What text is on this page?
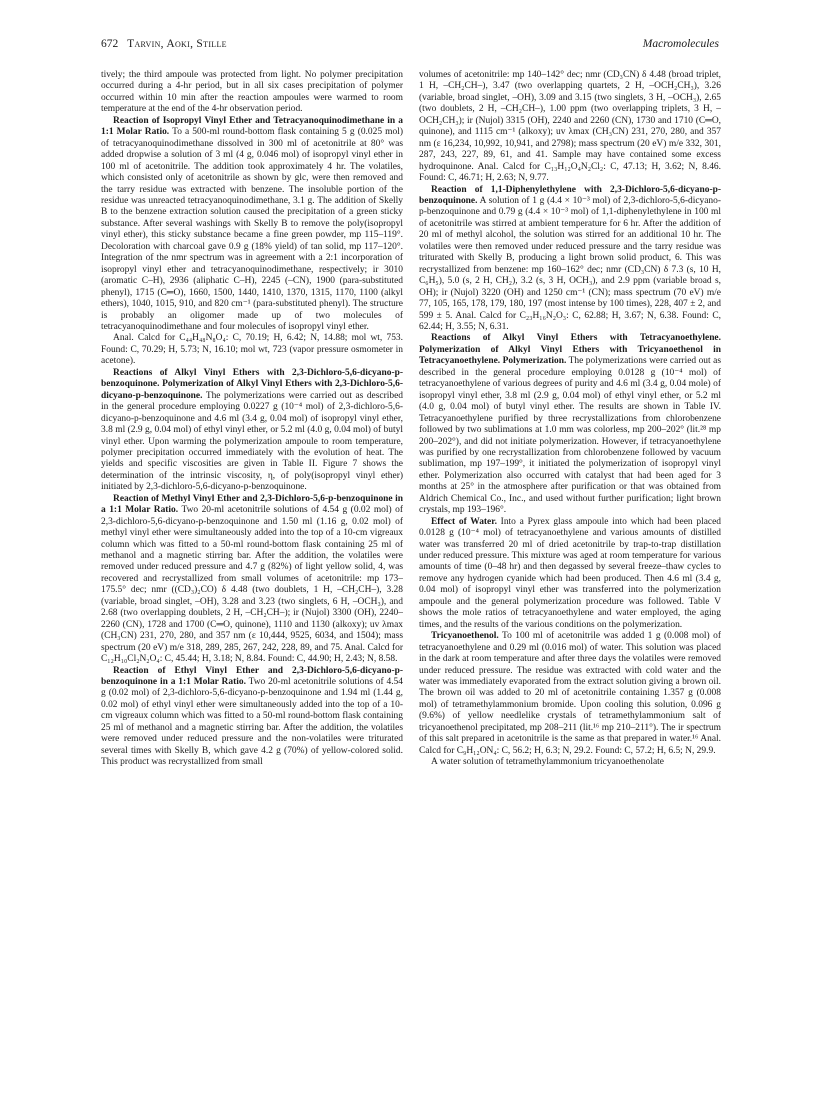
672 Tarvin, Aoki, Stille	Macromolecules

tively; the third ampoule was protected from light. No polymer precipitation occurred during a 4-hr period, but in all six cases precipitation of polymer occurred within 10 min after the reaction ampoules were warmed to room temperature at the end of the 4-hr observation period.

Reaction of Isopropyl Vinyl Ether and Tetracyanoquinodimethane in a 1:1 Molar Ratio. To a 500-ml round-bottom flask containing 5 g (0.025 mol) of tetracyanoquinodimethane dissolved in 300 ml of acetonitrile at 80° was added dropwise a solution of 3 ml (4 g, 0.046 mol) of isopropyl vinyl ether in 100 ml of acetonitrile. The addition took approximately 4 hr. The volatiles, which consisted only of acetonitrile as shown by glc, were then removed and the tarry residue was extracted with benzene. The insoluble portion of the residue was unreacted tetracyanoquinodimethane, 3.1 g. The addition of Skelly B to the benzene extraction solution caused the precipitation of a green sticky substance. After several washings with Skelly B to remove the poly(isopropyl vinyl ether), this sticky substance became a fine green powder, mp 115–119°. Decoloration with charcoal gave 0.9 g (18% yield) of tan solid, mp 117–120°. Integration of the nmr spectrum was in agreement with a 2:1 incorporation of isopropyl vinyl ether and tetracyanoquinodimethane, respectively; ir 3010 (aromatic C–H), 2936 (aliphatic C–H), 2245 (–CN), 1900 (para-substituted phenyl), 1715 (C═O), 1660, 1500, 1440, 1410, 1370, 1315, 1170, 1100 (alkyl ethers), 1040, 1015, 910, and 820 cm⁻¹ (para-substituted phenyl). The structure is probably an oligomer made up of two molecules of tetracyanoquinodimethane and four molecules of isopropyl vinyl ether.

Anal. Calcd for C₄₄H₄₈N₈O₄: C, 70.19; H, 6.42; N, 14.88; mol wt, 753. Found: C, 70.29; H, 5.73; N, 16.10; mol wt, 723 (vapor pressure osmometer in acetone).

Reactions of Alkyl Vinyl Ethers with 2,3-Dichloro-5,6-dicyano-p-benzoquinone. Polymerization of Alkyl Vinyl Ethers with 2,3-Dichloro-5,6-dicyano-p-benzoquinone. The polymerizations were carried out as described in the general procedure employing 0.0227 g (10⁻⁴ mol) of 2,3-dichloro-5,6-dicyano-p-benzoquinone and 4.6 ml (3.4 g, 0.04 mol) of isopropyl vinyl ether, 3.8 ml (2.9 g, 0.04 mol) of ethyl vinyl ether, or 5.2 ml (4.0 g, 0.04 mol) of butyl vinyl ether. Upon warming the polymerization ampoule to room temperature, polymer precipitation occurred immediately with the evolution of heat. The yields and specific viscosities are given in Table II. Figure 7 shows the determination of the intrinsic viscosity, η, of poly(isopropyl vinyl ether) initiated by 2,3-dichloro-5,6-dicyano-p-benzoquinone.

Reaction of Methyl Vinyl Ether and 2,3-Dichloro-5,6-p-benzoquinone in a 1:1 Molar Ratio. Two 20-ml acetonitrile solutions of 4.54 g (0.02 mol) of 2,3-dichloro-5,6-dicyano-p-benzoquinone and 1.50 ml (1.16 g, 0.02 mol) of methyl vinyl ether were simultaneously added into the top of a 10-cm vigreaux column which was fitted to a 50-ml round-bottom flask containing 25 ml of methanol and a magnetic stirring bar. After the addition, the volatiles were removed under reduced pressure and 4.7 g (82%) of light yellow solid, 4, was recovered and recrystallized from small volumes of acetonitrile: mp 173–175.5° dec; nmr ((CD₃)₂CO) δ 4.48 (two doublets, 1 H, –CH₂CH–), 3.28 (variable, broad singlet, –OH), 3.28 and 3.23 (two singlets, 6 H, –OCH₃), and 2.68 (two overlapping doublets, 2 H, –CH₂CH–); ir (Nujol) 3300 (OH), 2240–2260 (CN), 1728 and 1700 (C═O, quinone), 1110 and 1130 (alkoxy); uv λmax (CH₃CN) 231, 270, 280, and 357 nm (ε 10,444, 9525, 6034, and 1504); mass spectrum (20 eV) m/e 318, 289, 285, 267, 242, 228, 89, and 75. Anal. Calcd for C₁₂H₁₀Cl₂N₂O₄: C, 45.44; H, 3.18; N, 8.84. Found: C, 44.90; H, 2.43; N, 8.58.

Reaction of Ethyl Vinyl Ether and 2,3-Dichloro-5,6-dicyano-p-benzoquinone in a 1:1 Molar Ratio. Two 20-ml acetonitrile solutions of 4.54 g (0.02 mol) of 2,3-dichloro-5,6-dicyano-p-benzoquinone and 1.94 ml (1.44 g, 0.02 mol) of ethyl vinyl ether were simultaneously added into the top of a 10-cm vigreaux column which was fitted to a 50-ml round-bottom flask containing 25 ml of methanol and a magnetic stirring bar. After the addition, the volatiles were removed under reduced pressure and the non-volatiles were triturated several times with Skelly B, which gave 4.2 g (70%) of yellow-colored solid. This product was recrystallized from small

volumes of acetonitrile: mp 140–142° dec; nmr (CD₃CN) δ 4.48 (broad triplet, 1 H, –CH₂CH–), 3.47 (two overlapping quartets, 2 H, –OCH₂CH₃), 3.26 (variable, broad singlet, –OH), 3.09 and 3.15 (two singlets, 3 H, –OCH₃), 2.65 (two doublets, 2 H, –CH₂CH–), 1.00 ppm (two overlapping triplets, 3 H, –OCH₂CH₃); ir (Nujol) 3315 (OH), 2240 and 2260 (CN), 1730 and 1710 (C═O, quinone), and 1115 cm⁻¹ (alkoxy); uv λmax (CH₃CN) 231, 270, 280, and 357 nm (ε 16,234, 10,992, 10,941, and 2798); mass spectrum (20 eV) m/e 332, 301, 287, 243, 227, 89, 61, and 41. Sample may have contained some excess hydroquinone. Anal. Calcd for C₁₃H₁₂O₄N₂Cl₂: C, 47.13; H, 3.62; N, 8.46. Found: C, 46.71; H, 2.63; N, 9.77.

Reaction of 1,1-Diphenylethylene with 2,3-Dichloro-5,6-dicyano-p-benzoquinone. A solution of 1 g (4.4 × 10⁻³ mol) of 2,3-dichloro-5,6-dicyano-p-benzoquinone and 0.79 g (4.4 × 10⁻³ mol) of 1,1-diphenylethylene in 100 ml of acetonitrile was stirred at ambient temperature for 6 hr. After the addition of 20 ml of methyl alcohol, the solution was stirred for an additional 10 hr. The volatiles were then removed under reduced pressure and the tarry residue was triturated with Skelly B, producing a light brown solid product, 6. This was recrystallized from benzene: mp 160–162° dec; nmr (CD₃CN) δ 7.3 (s, 10 H, C₆H₅), 5.0 (s, 2 H, CH₂), 3.2 (s, 3 H, OCH₃), and 2.9 ppm (variable broad s, OH); ir (Nujol) 3220 (OH) and 1250 cm⁻¹ (CN); mass spectrum (70 eV) m/e 77, 105, 165, 178, 179, 180, 197 (most intense by 100 times), 228, 407 ± 2, and 599 ± 5. Anal. Calcd for C₂₃H₁₆N₂O₃: C, 62.88; H, 3.67; N, 6.38. Found: C, 62.44; H, 3.55; N, 6.31.

Reactions of Alkyl Vinyl Ethers with Tetracyanoethylene. Polymerization of Alkyl Vinyl Ethers with Tricyanoethenol in Tetracyanoethylene. Polymerization. The polymerizations were carried out as described in the general procedure employing 0.0128 g (10⁻⁴ mol) of tetracyanoethylene of various degrees of purity and 4.6 ml (3.4 g, 0.04 mole) of isopropyl vinyl ether, 3.8 ml (2.9 g, 0.04 mol) of ethyl vinyl ether, or 5.2 ml (4.0 g, 0.04 mol) of butyl vinyl ether. The results are shown in Table IV. Tetracyanoethylene purified by three recrystallizations from chlorobenzene followed by two sublimations at 1.0 mm was colorless, mp 200–202° (lit.²⁸ mp 200–202°), and did not initiate polymerization. However, if tetracyanoethylene was purified by one recrystallization from chlorobenzene followed by vacuum sublimation, mp 197–199°, it initiated the polymerization of isopropyl vinyl ether. Polymerization also occurred with catalyst that had been aged for 3 months at 25° in the atmosphere after purification or that was obtained from Aldrich Chemical Co., Inc., and used without further purification; light brown crystals, mp 193–196°.

Effect of Water. Into a Pyrex glass ampoule into which had been placed 0.0128 g (10⁻⁴ mol) of tetracyanoethylene and various amounts of distilled water was transferred 20 ml of dried acetonitrile by trap-to-trap distillation under reduced pressure. This mixture was aged at room temperature for various amounts of time (0–48 hr) and then degassed by several freeze–thaw cycles to remove any hydrogen cyanide which had been produced. Then 4.6 ml (3.4 g, 0.04 mol) of isopropyl vinyl ether was transferred into the polymerization ampoule and the general polymerization procedure was followed. Table V shows the mole ratios of tetracyanoethylene and water employed, the aging times, and the results of the various conditions on the polymerization.

Tricyanoethenol. To 100 ml of acetonitrile was added 1 g (0.008 mol) of tetracyanoethylene and 0.29 ml (0.016 mol) of water. This solution was placed in the dark at room temperature and after three days the volatiles were removed under reduced pressure. The residue was extracted with cold water and the water was immediately evaporated from the extract solution giving a brown oil. The brown oil was added to 20 ml of acetonitrile containing 1.357 g (0.008 mol) of tetramethylammonium bromide. Upon cooling this solution, 0.096 g (9.6%) of yellow needlelike crystals of tetramethylammonium salt of tricyanoethenol precipitated, mp 208–211 (lit.¹⁶ mp 210–211°). The ir spectrum of this salt prepared in acetonitrile is the same as that prepared in water.¹⁶ Anal. Calcd for C₉H₁₂ON₄: C, 56.2; H, 6.3; N, 29.2. Found: C, 57.2; H, 6.5; N, 29.9.

A water solution of tetramethylammonium tricyanoethenolate
